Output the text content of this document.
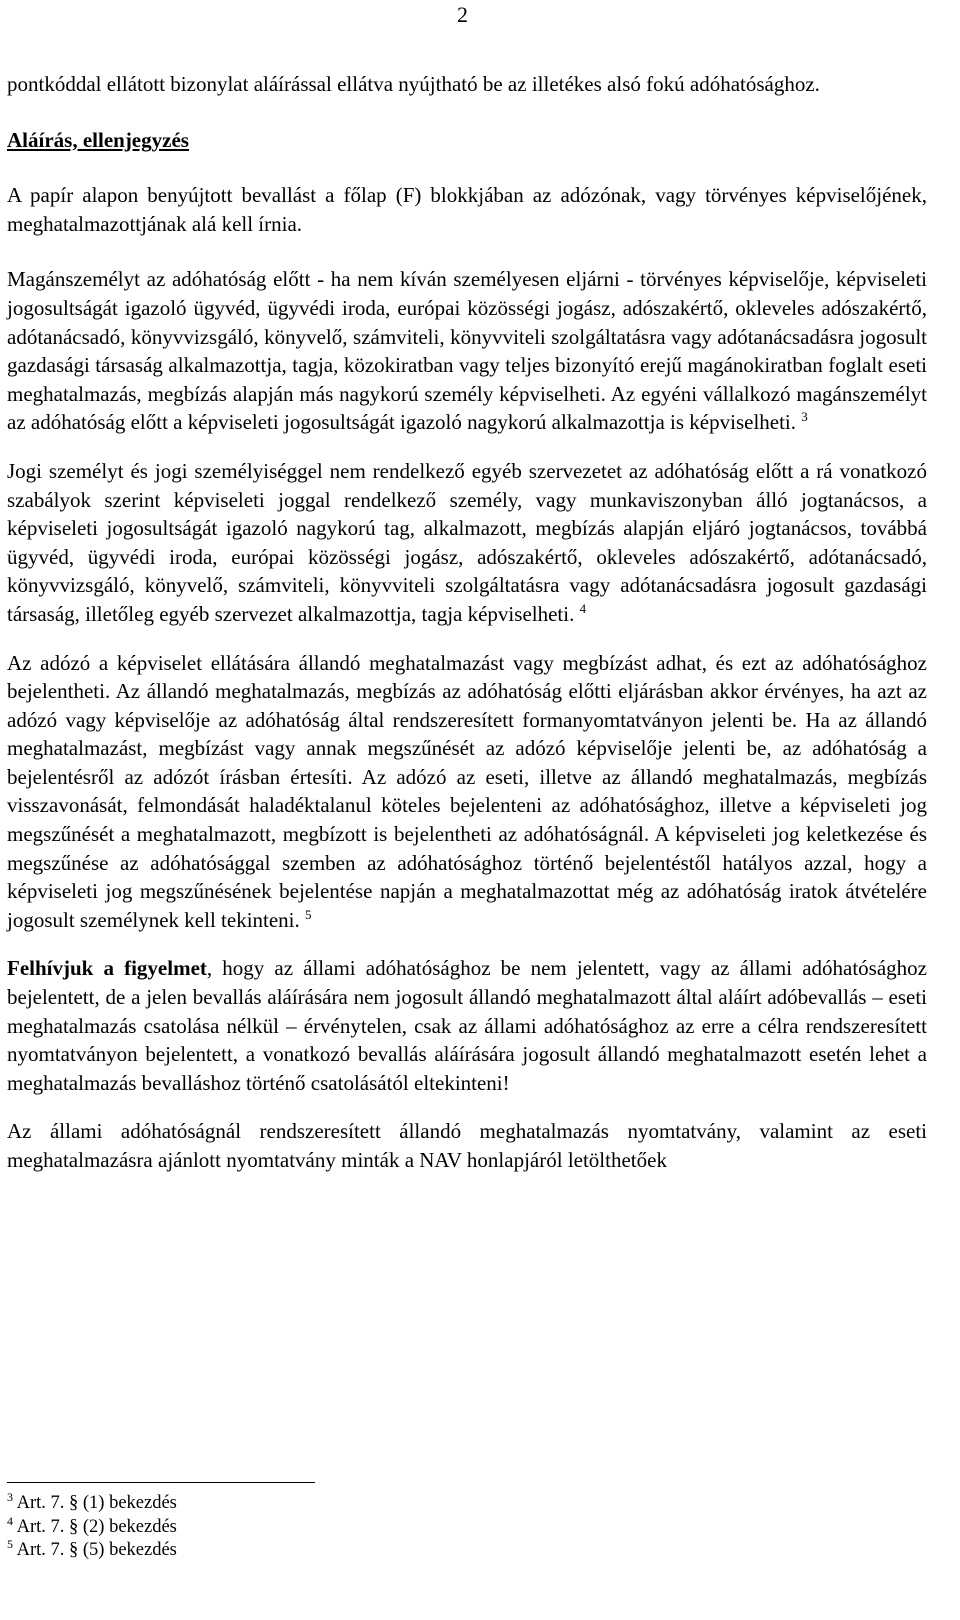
2

pontkóddal ellátott bizonylat aláírással ellátva nyújtható be az illetékes alsó fokú adóhatósághoz.

Aláírás, ellenjegyzés

A papír alapon benyújtott bevallást a főlap (F) blokkjában az adózónak, vagy törvényes képviselőjének, meghatalmazottjának alá kell írnia.

Magánszemélyt az adóhatóság előtt - ha nem kíván személyesen eljárni - törvényes képviselője, képviseleti jogosultságát igazoló ügyvéd, ügyvédi iroda, európai közösségi jogász, adószakértő, okleveles adószakértő, adótanácsadó, könyvvizsgáló, könyvelő, számviteli, könyvviteli szolgáltatásra vagy adótanácsadásra jogosult gazdasági társaság alkalmazottja, tagja, közokiratban vagy teljes bizonyító erejű magánokiratban foglalt eseti meghatalmazás, megbízás alapján más nagykorú személy képviselheti. Az egyéni vállalkozó magánszemélyt az adóhatóság előtt a képviseleti jogosultságát igazoló nagykorú alkalmazottja is képviselheti. $^3$

Jogi személyt és jogi személyiséggel nem rendelkező egyéb szervezetet az adóhatóság előtt a rá vonatkozó szabályok szerint képviseleti joggal rendelkező személy, vagy munkaviszonyban álló jogtanácsos, a képviseleti jogosultságát igazoló nagykorú tag, alkalmazott, megbízás alapján eljáró jogtanácsos, továbbá ügyvéd, ügyvédi iroda, európai közösségi jogász, adószakértő, okleveles adószakértő, adótanácsadó, könyvvizsgáló, könyvelő, számviteli, könyvviteli szolgáltatásra vagy adótanácsadásra jogosult gazdasági társaság, illetőleg egyéb szervezet alkalmazottja, tagja képviselheti. $^4$

Az adózó a képviselet ellátására állandó meghatalmazást vagy megbízást adhat, és ezt az adóhatósághoz bejelentheti. Az állandó meghatalmazás, megbízás az adóhatóság előtti eljárásban akkor érvényes, ha azt az adózó vagy képviselője az adóhatóság által rendszeresített formanyomtatványon jelenti be. Ha az állandó meghatalmazást, megbízást vagy annak megszűnését az adózó képviselője jelenti be, az adóhatóság a bejelentésről az adózót írásban értesíti. Az adózó az eseti, illetve az állandó meghatalmazás, megbízás visszavonását, felmondását haladéktalanul köteles bejelenteni az adóhatósághoz, illetve a képviseleti jog megszűnését a meghatalmazott, megbízott is bejelentheti az adóhatóságnál. A képviseleti jog keletkezése és megszűnése az adóhatósággal szemben az adóhatósághoz történő bejelentéstől hatályos azzal, hogy a képviseleti jog megszűnésének bejelentése napján a meghatalmazottat még az adóhatóság iratok átvételére jogosult személynek kell tekinteni. $^5$

Felhívjuk a figyelmet, hogy az állami adóhatósághoz be nem jelentett, vagy az állami adóhatósághoz bejelentett, de a jelen bevallás aláírására nem jogosult állandó meghatalmazott által aláírt adóbevallás – eseti meghatalmazás csatolása nélkül – érvénytelen, csak az állami adóhatósághoz az erre a célra rendszeresített nyomtatványon bejelentett, a vonatkozó bevallás aláírására jogosult állandó meghatalmazott esetén lehet a meghatalmazás bevalláshoz történő csatolásától eltekinteni!

Az állami adóhatóságnál rendszeresített állandó meghatalmazás nyomtatvány, valamint az eseti meghatalmazásra ajánlott nyomtatvány minták a NAV honlapjáról letölthetőek

$^3$ Art. 7. § (1) bekezdés

$^4$ Art. 7. § (2) bekezdés

$^5$ Art. 7. § (5) bekezdés
